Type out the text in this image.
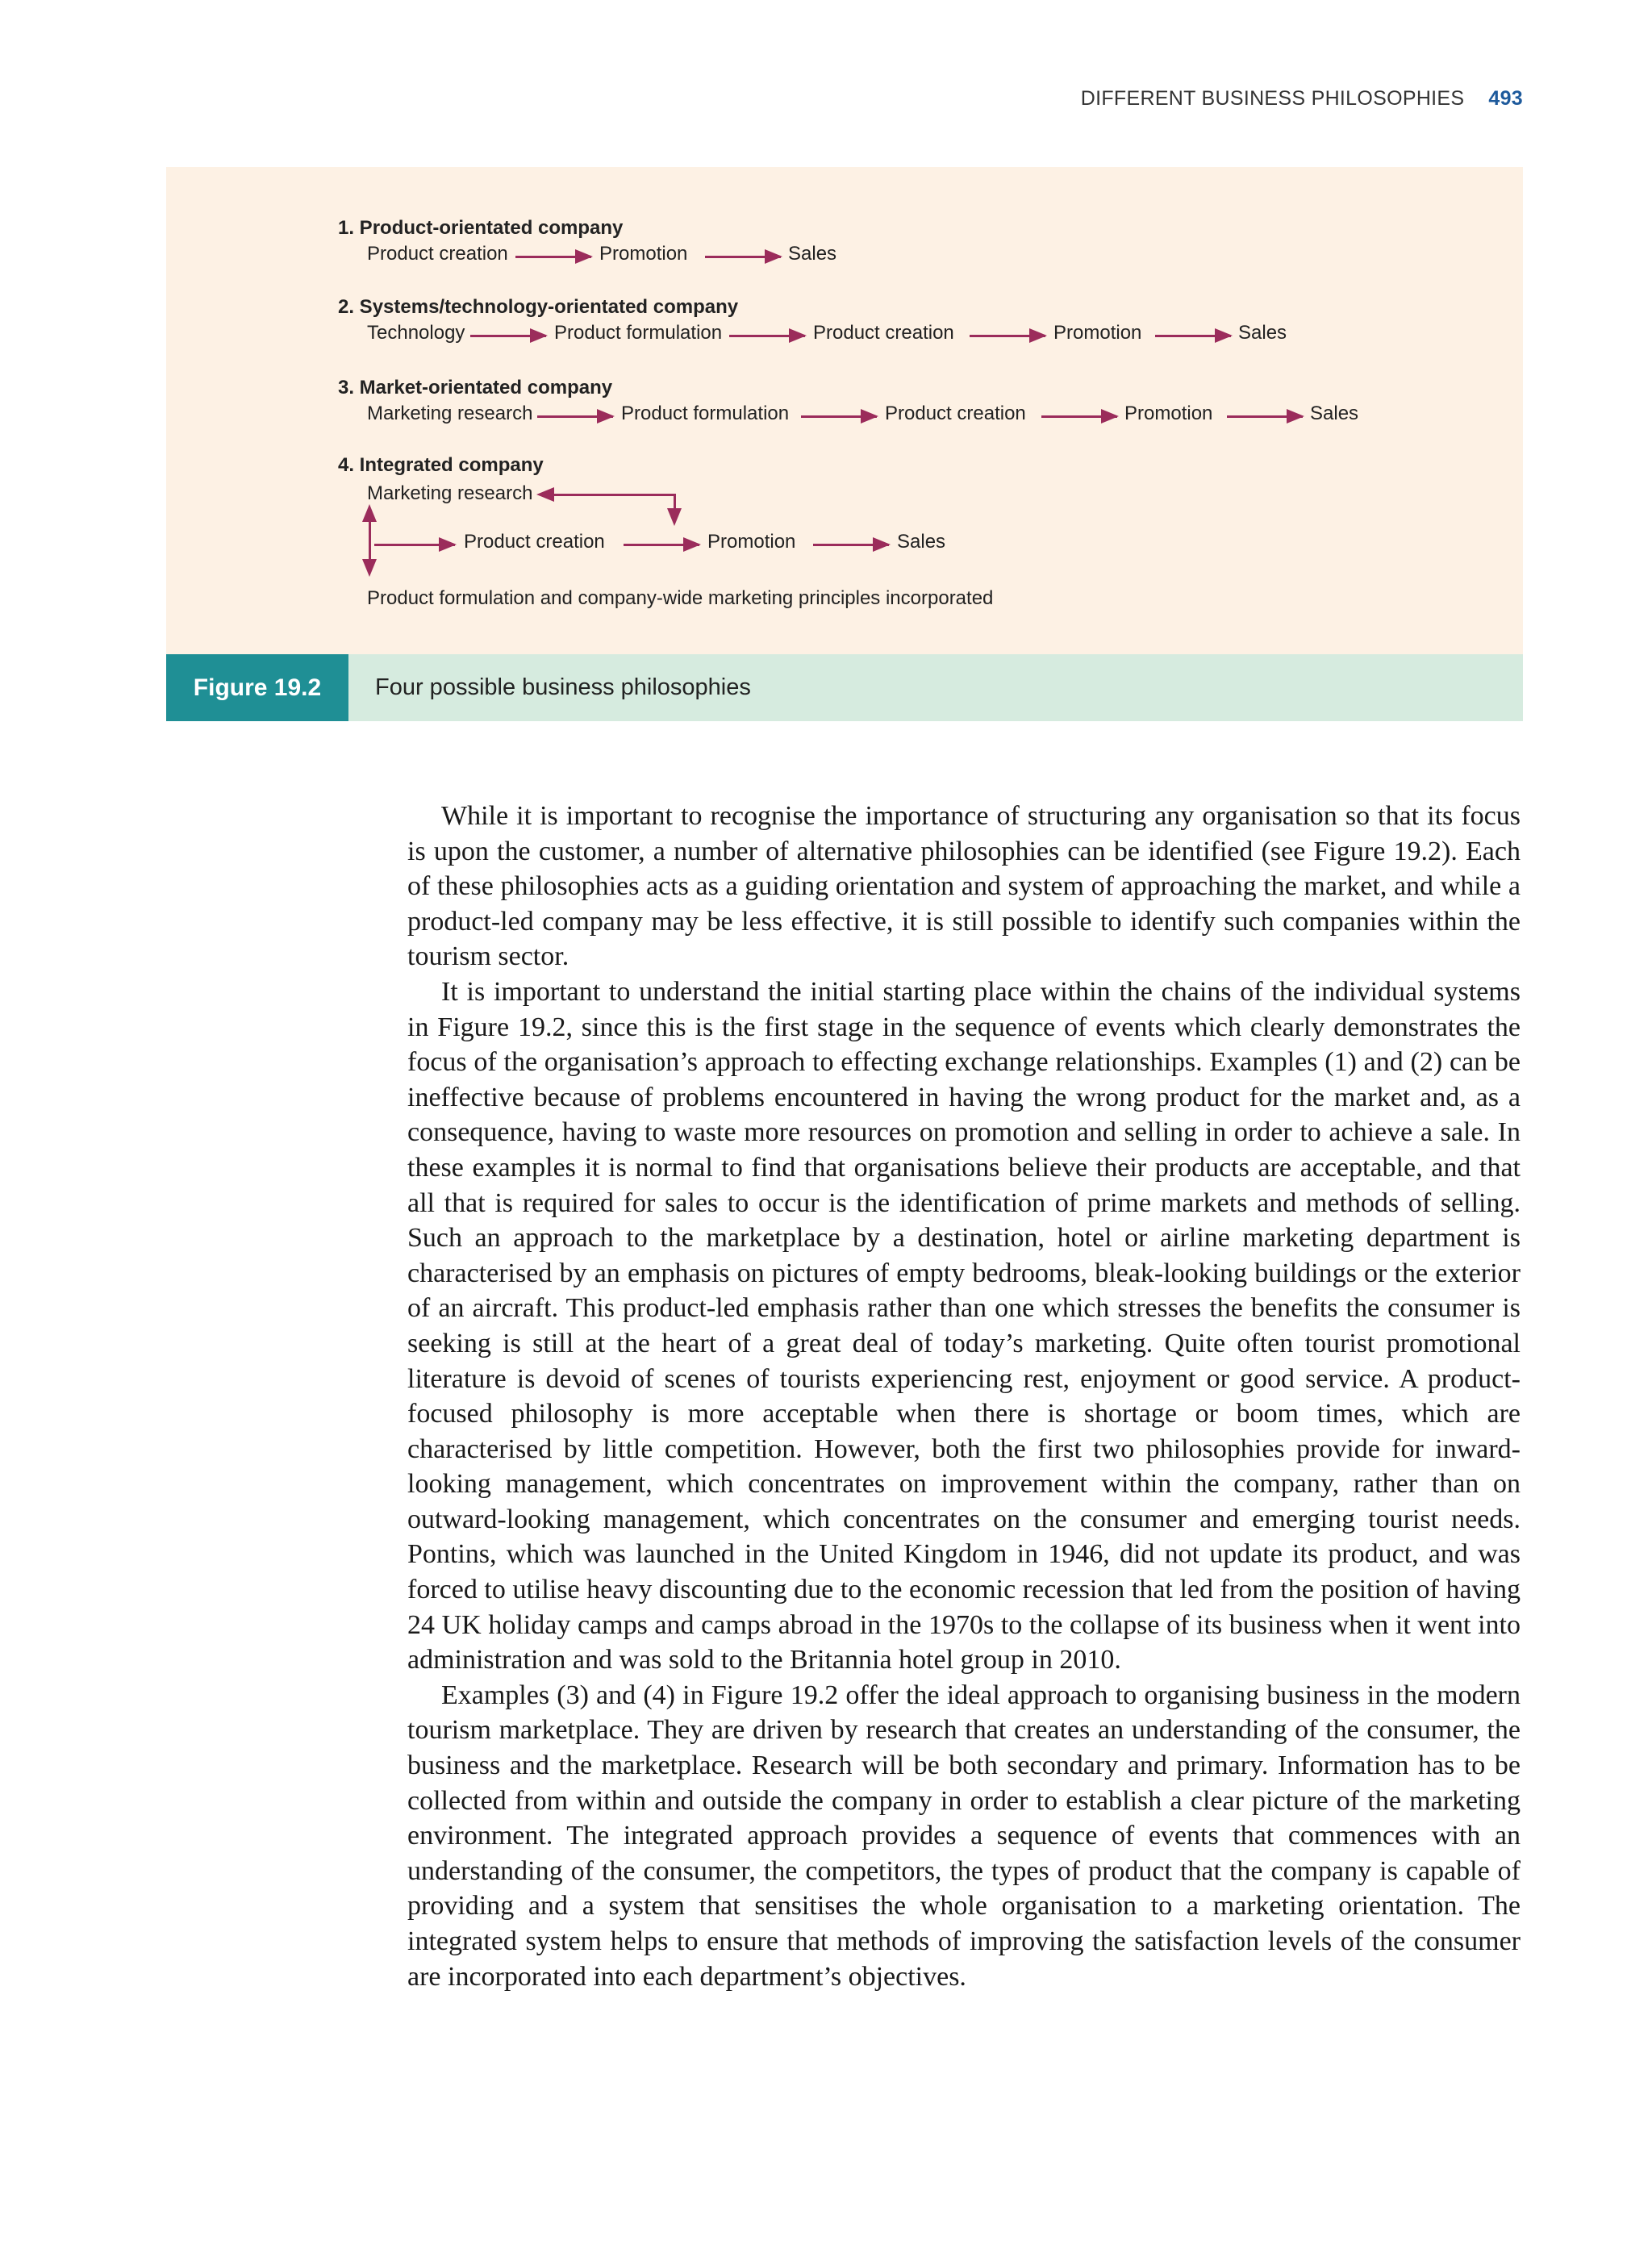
DIFFERENT BUSINESS PHILOSOPHIES 493
1. Product-orientated company
Product creation	Promotion	Sales
2. Systems/technology-orientated company
Technology	Product formulation	Product creation	Promotion	Sales
3. Market-orientated company
Marketing research	Product formulation	Product creation	Promotion	Sales
4. Integrated company
Marketing research
Product creation	Promotion	Sales
Product formulation and company-wide marketing principles incorporated
Figure 19.2	Four possible business philosophies

While it is important to recognise the importance of structuring any organisation so that its focus is upon the customer, a number of alternative philosophies can be identified (see Figure 19.2). Each of these philosophies acts as a guiding orientation and system of approaching the market, and while a product-led company may be less effective, it is still possible to identify such companies within the tourism sector.

It is important to understand the initial starting place within the chains of the individual systems in Figure 19.2, since this is the first stage in the sequence of events which clearly demonstrates the focus of the organisation’s approach to effecting exchange relationships. Examples (1) and (2) can be ineffective because of problems encountered in having the wrong product for the market and, as a consequence, having to waste more resources on promotion and selling in order to achieve a sale. In these examples it is normal to find that organisations believe their products are acceptable, and that all that is required for sales to occur is the identification of prime markets and methods of selling. Such an approach to the marketplace by a destination, hotel or airline marketing department is characterised by an emphasis on pictures of empty bedrooms, bleak-looking buildings or the exterior of an aircraft. This product-led emphasis rather than one which stresses the benefits the consumer is seeking is still at the heart of a great deal of today’s marketing. Quite often tourist promotional literature is devoid of scenes of tourists experiencing rest, enjoyment or good service. A product-focused philosophy is more acceptable when there is shortage or boom times, which are characterised by little competition. However, both the first two philosophies provide for inward-looking management, which concentrates on improvement within the company, rather than on outward-looking management, which concentrates on the consumer and emerging tourist needs. Pontins, which was launched in the United Kingdom in 1946, did not update its product, and was forced to utilise heavy discounting due to the economic recession that led from the position of having 24 UK holiday camps and camps abroad in the 1970s to the collapse of its business when it went into administration and was sold to the Britannia hotel group in 2010.

Examples (3) and (4) in Figure 19.2 offer the ideal approach to organising business in the modern tourism marketplace. They are driven by research that creates an understanding of the consumer, the business and the marketplace. Research will be both secondary and primary. Information has to be collected from within and outside the company in order to establish a clear picture of the marketing environment. The integrated approach provides a sequence of events that commences with an understanding of the consumer, the competitors, the types of product that the company is capable of providing and a system that sensitises the whole organisation to a marketing orientation. The integrated system helps to ensure that methods of improving the satisfaction levels of the consumer are incorporated into each department’s objectives.
